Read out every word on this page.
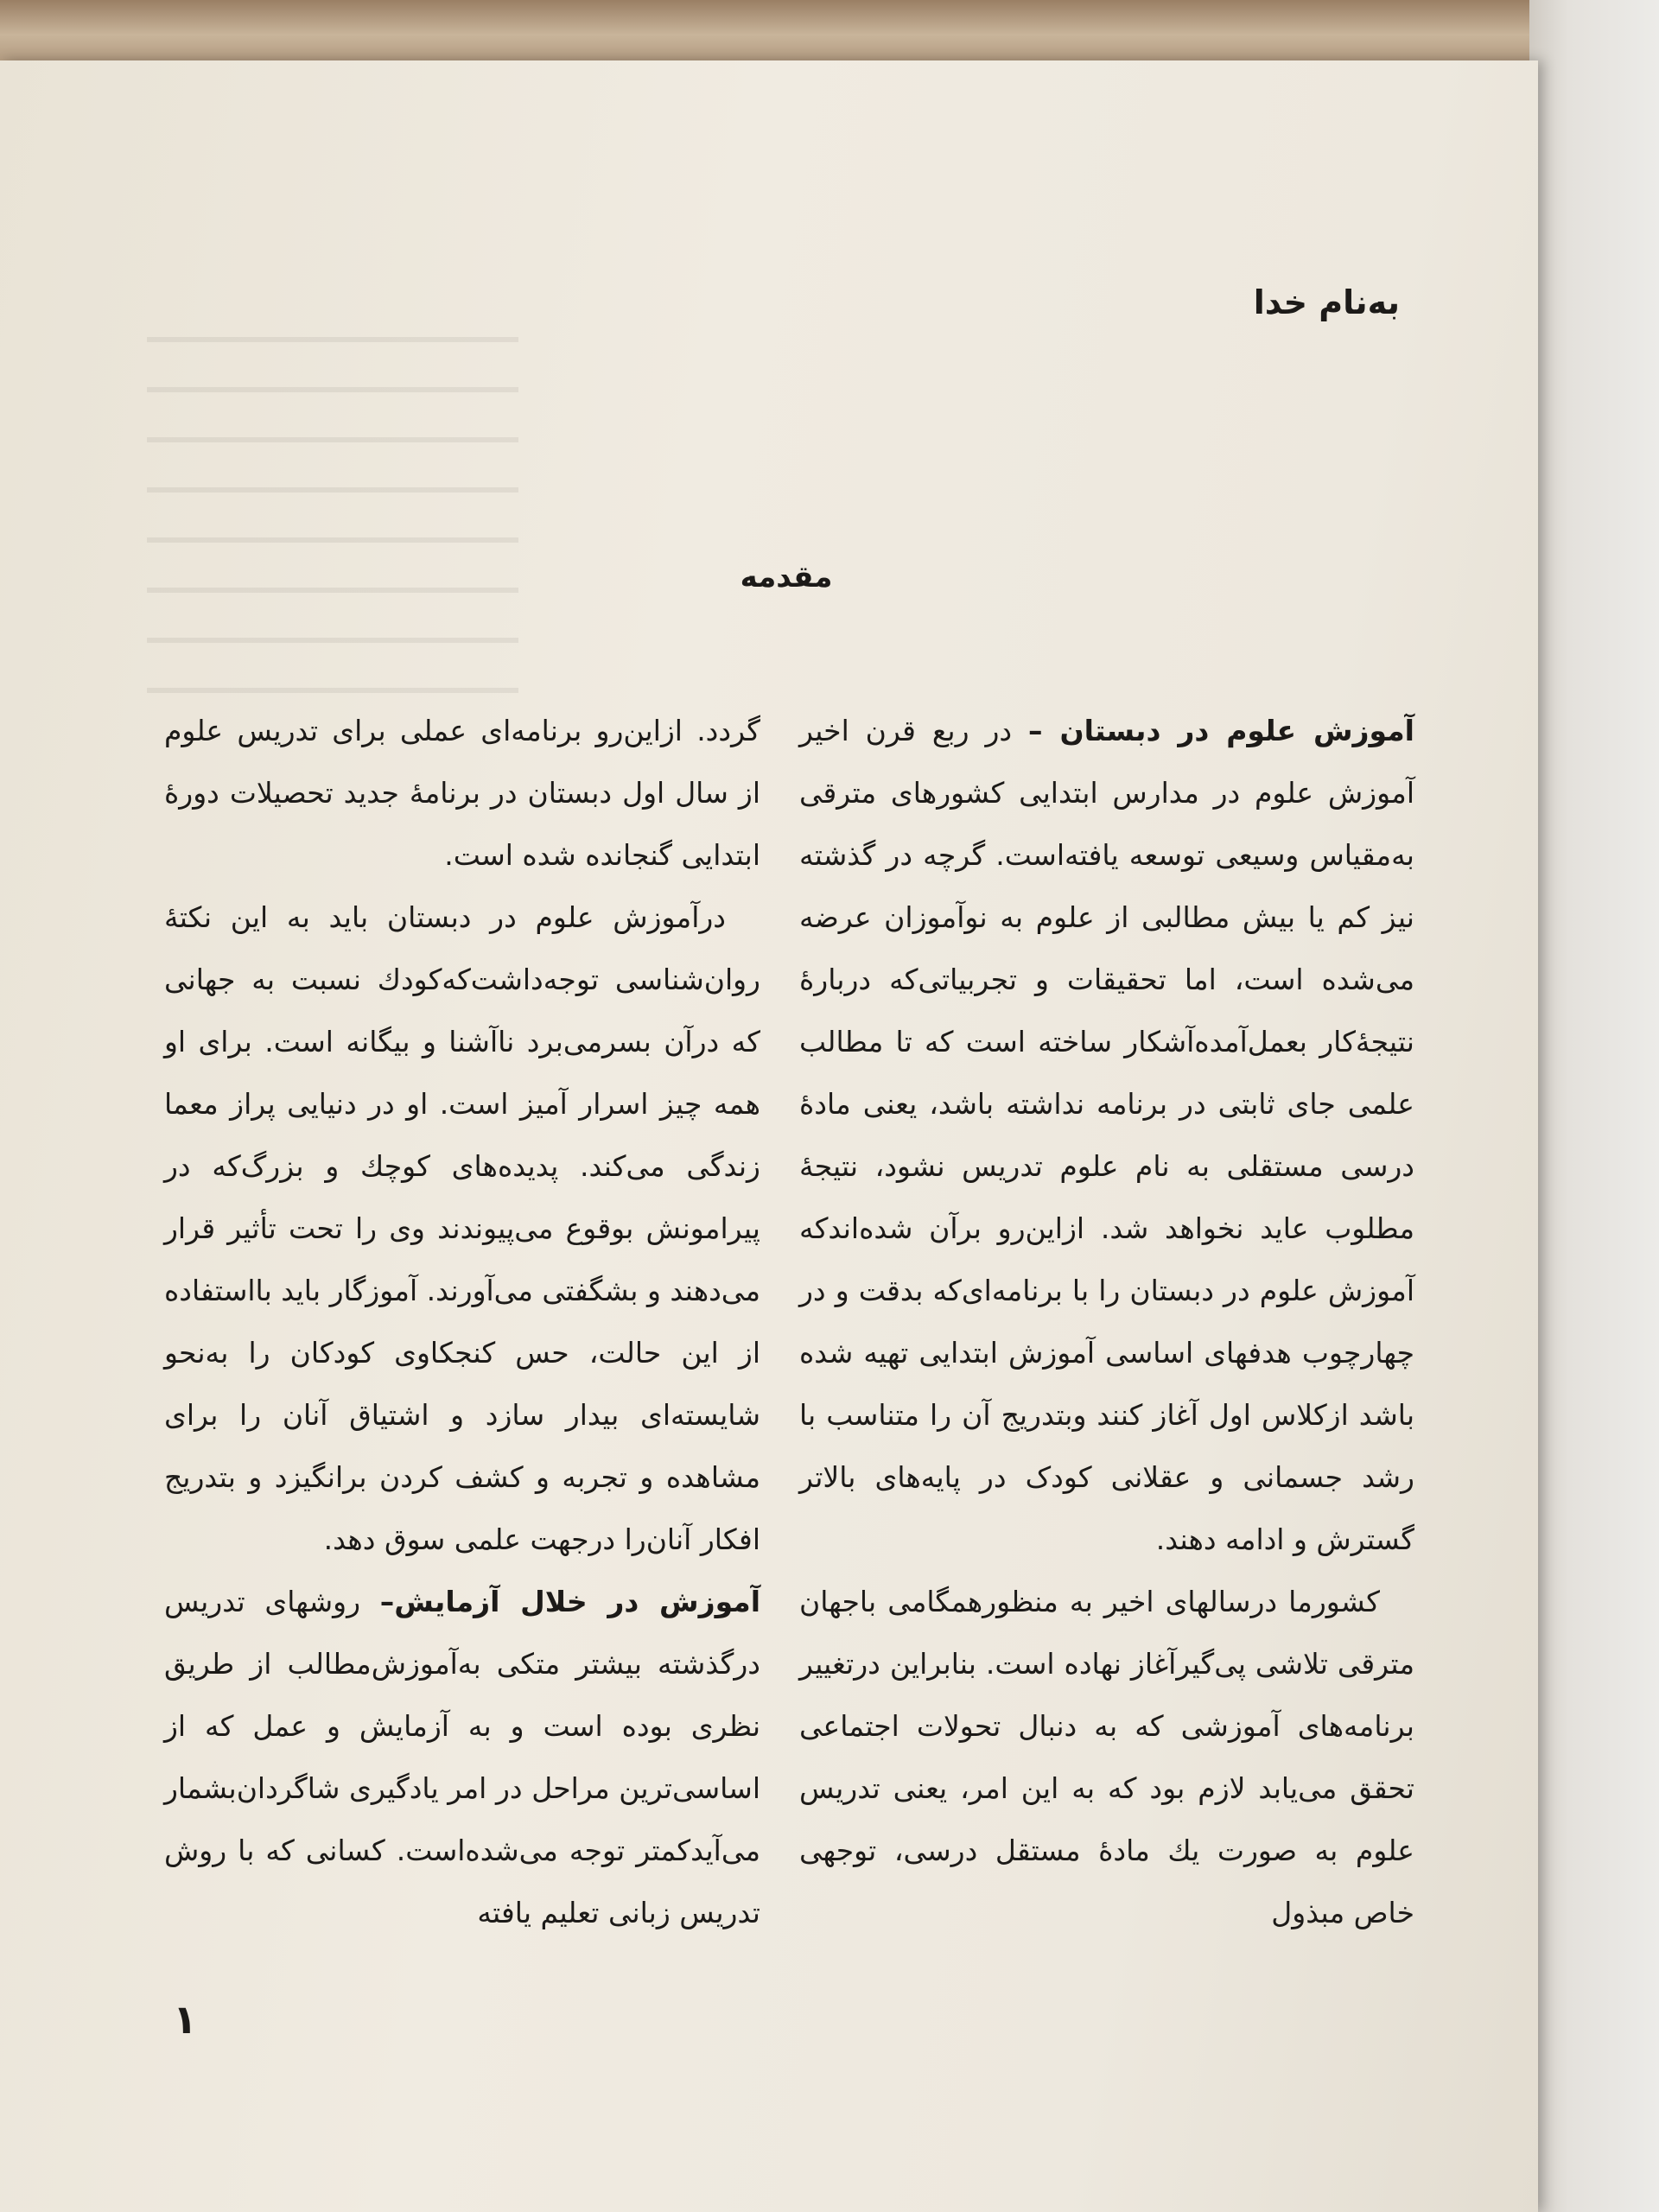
به‌نام خدا
مقدمه

آموزش علوم در دبستان – در ربع قرن اخیر آموزش علوم در مدارس ابتدایی کشورهای مترقی به‌مقیاس وسیعی توسعه یافته‌است. گرچه در گذشته نیز کم یا بیش مطالبی از علوم به نوآموزان عرضه می‌شده است، اما تحقیقات و تجربیاتی‌که دربارهٔ نتیجهٔ‌کار بعمل‌آمده‌آشکار ساخته است که تا مطالب علمی جای ثابتی در برنامه نداشته باشد، یعنی مادهٔ درسی مستقلی به نام علوم تدریس نشود، نتیجهٔ مطلوب عاید نخواهد شد. ازاین‌رو برآن شده‌اندکه آموزش علوم در دبستان را با برنامه‌ای‌که بدقت و در چهارچوب هدفهای اساسی آموزش ابتدایی تهیه شده باشد ازکلاس اول آغاز کنند وبتدریج آن را متناسب با رشد جسمانی و عقلانی کودک در پایه‌های بالاتر گسترش و ادامه دهند.

کشورما درسالهای اخیر به منظورهمگامی باجهان مترقی تلاشی پی‌گیرآغاز نهاده است. بنابراین درتغییر برنامه‌های آموزشی که به دنبال تحولات اجتماعی تحقق می‌یابد لازم بود که به این امر، یعنی تدریس علوم به صورت یك مادهٔ مستقل درسی، توجهی خاص مبذول

گردد. ازاین‌رو برنامه‌ای عملی برای تدریس علوم از سال اول دبستان در برنامهٔ جدید تحصیلات دورهٔ ابتدایی گنجانده شده است.

درآموزش علوم در دبستان باید به این نکتهٔ روان‌شناسی توجه‌داشت‌که‌کودك نسبت به جهانی که درآن بسرمی‌برد ناآشنا و بیگانه است. برای او همه چیز اسرار آمیز است. او در دنیایی پراز معما زندگی می‌کند. پدیده‌های کوچك و بزرگ‌که در پیرامونش بوقوع می‌پیوندند وی را تحت تأثیر قرار می‌دهند و بشگفتی می‌آورند. آموزگار باید بااستفاده از این حالت، حس کنجکاوی کودکان را به‌نحو شایسته‌ای بیدار سازد و اشتیاق آنان را برای مشاهده و تجربه و کشف کردن برانگیزد و بتدریج افکار آنان‌را درجهت علمی سوق دهد.

آموزش در خلال آزمایش– روشهای تدریس درگذشته بیشتر متکی به‌آموزش‌مطالب از طریق نظری بوده است و به آزمایش و عمل که از اساسی‌ترین مراحل در امر یادگیری شاگردان‌بشمار می‌آیدکمتر توجه می‌شده‌است. کسانی که با روش تدریس زبانی تعلیم یافته

۱
